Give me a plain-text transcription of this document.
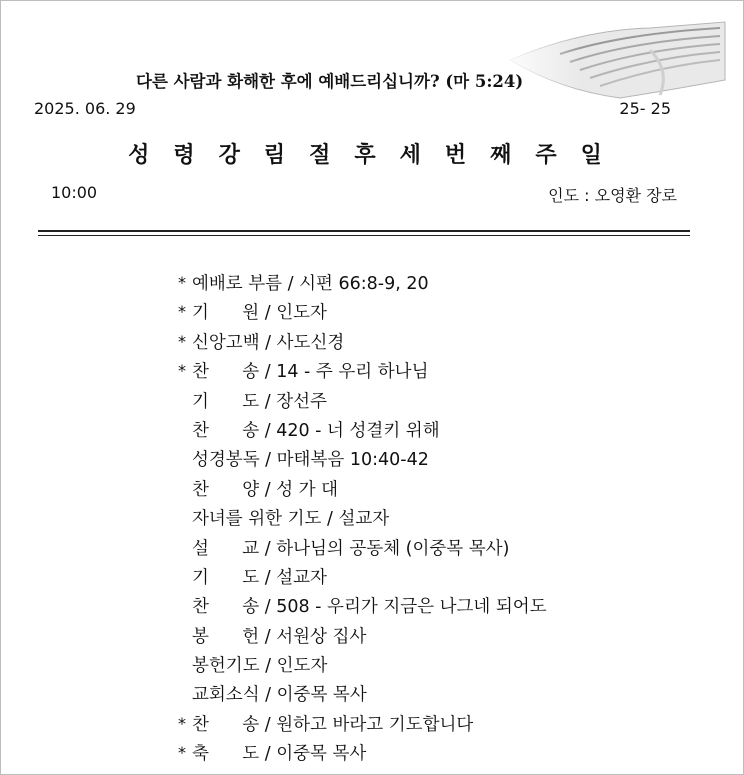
다른 사람과 화해한 후에 예배드리십니까? (마 5:24)
2025. 06. 29	25- 25
성령강림절후세번째주일
10:00	인도 : 오영환 장로
* 예배로 부름 / 시편 66:8-9, 20
* 기      원 / 인도자
* 신앙고백 / 사도신경
* 찬      송 / 14 - 주 우리 하나님
기      도 / 장선주
찬      송 / 420 - 너 성결키 위해
성경봉독 / 마태복음 10:40-42
찬      양 / 성 가 대
자녀를 위한 기도 / 설교자
설      교 / 하나님의 공동체 (이중목 목사)
기      도 / 설교자
찬      송 / 508 - 우리가 지금은 나그네 되어도
봉      헌 / 서원상 집사
봉헌기도 / 인도자
교회소식 / 이중목 목사
* 찬      송 / 원하고 바라고 기도합니다
* 축      도 / 이중목 목사
